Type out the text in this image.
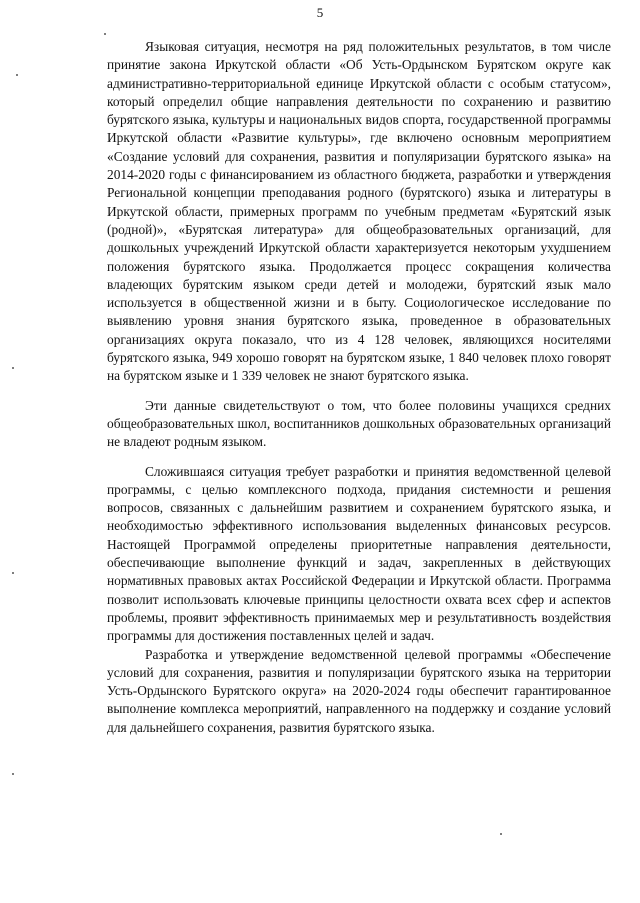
5

Языковая ситуация, несмотря на ряд положительных результатов, в том числе принятие закона Иркутской области «Об Усть-Ордынском Бурятском округе как административно-территориальной единице Иркутской области с особым статусом», который определил общие направления деятельности по сохранению и развитию бурятского языка, культуры и национальных видов спорта, государственной программы Иркутской области «Развитие культуры», где включено основным мероприятием «Создание условий для сохранения, развития и популяризации бурятского языка» на 2014-2020 годы с финансированием из областного бюджета, разработки и утверждения Региональной концепции преподавания родного (бурятского) языка и литературы в Иркутской области, примерных программ по учебным предметам «Бурятский язык (родной)», «Бурятская литература» для общеобразовательных организаций, для дошкольных учреждений Иркутской области характеризуется некоторым ухудшением положения бурятского языка. Продолжается процесс сокращения количества владеющих бурятским языком среди детей и молодежи, бурятский язык мало используется в общественной жизни и в быту. Социологическое исследование по выявлению уровня знания бурятского языка, проведенное в образовательных организациях округа показало, что из 4 128 человек, являющихся носителями бурятского языка, 949 хорошо говорят на бурятском языке, 1 840 человек плохо говорят на бурятском языке и 1 339 человек не знают бурятского языка.

Эти данные свидетельствуют о том, что более половины учащихся средних общеобразовательных школ, воспитанников дошкольных образовательных организаций не владеют родным языком.

Сложившаяся ситуация требует разработки и принятия ведомственной целевой программы, с целью комплексного подхода, придания системности и решения вопросов, связанных с дальнейшим развитием и сохранением бурятского языка, и необходимостью эффективного использования выделенных финансовых ресурсов. Настоящей Программой определены приоритетные направления деятельности, обеспечивающие выполнение функций и задач, закрепленных в действующих нормативных правовых актах Российской Федерации и Иркутской области. Программа позволит использовать ключевые принципы целостности охвата всех сфер и аспектов проблемы, проявит эффективность принимаемых мер и результативность воздействия программы для достижения поставленных целей и задач.

Разработка и утверждение ведомственной целевой программы «Обеспечение условий для сохранения, развития и популяризации бурятского языка на территории Усть-Ордынского Бурятского округа» на 2020-2024 годы обеспечит гарантированное выполнение комплекса мероприятий, направленного на поддержку и создание условий для дальнейшего сохранения, развития бурятского языка.
